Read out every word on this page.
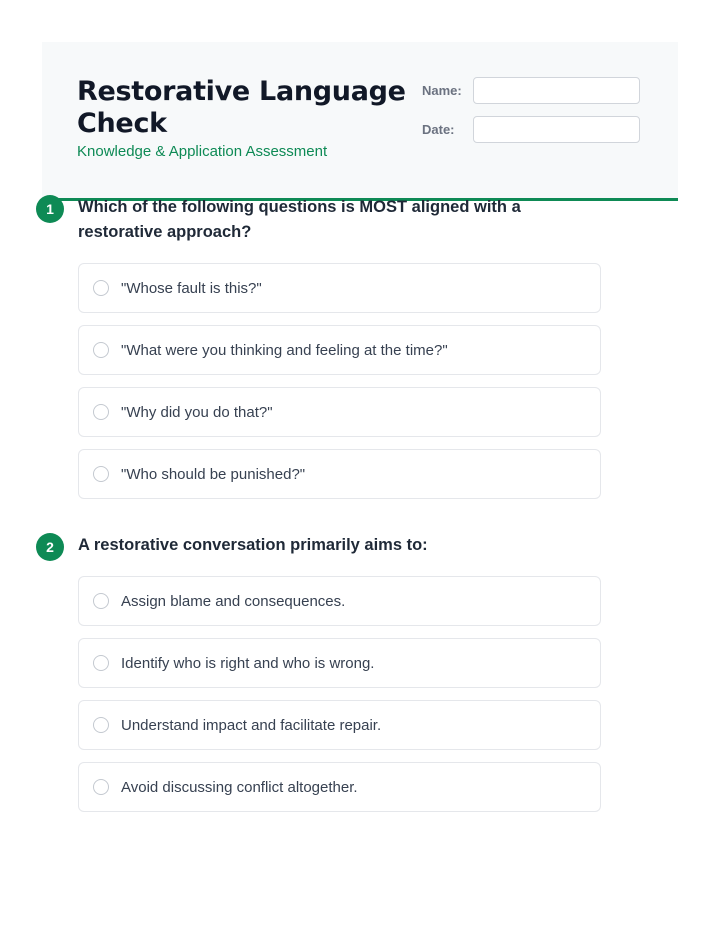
Restorative Language Check

Knowledge & Application Assessment

Name:
Date:
1	Which of the following questions is MOST aligned with a restorative approach?
"Whose fault is this?"
"What were you thinking and feeling at the time?"
"Why did you do that?"
"Who should be punished?"
2	A restorative conversation primarily aims to:
Assign blame and consequences.
Identify who is right and who is wrong.
Understand impact and facilitate repair.
Avoid discussing conflict altogether.
